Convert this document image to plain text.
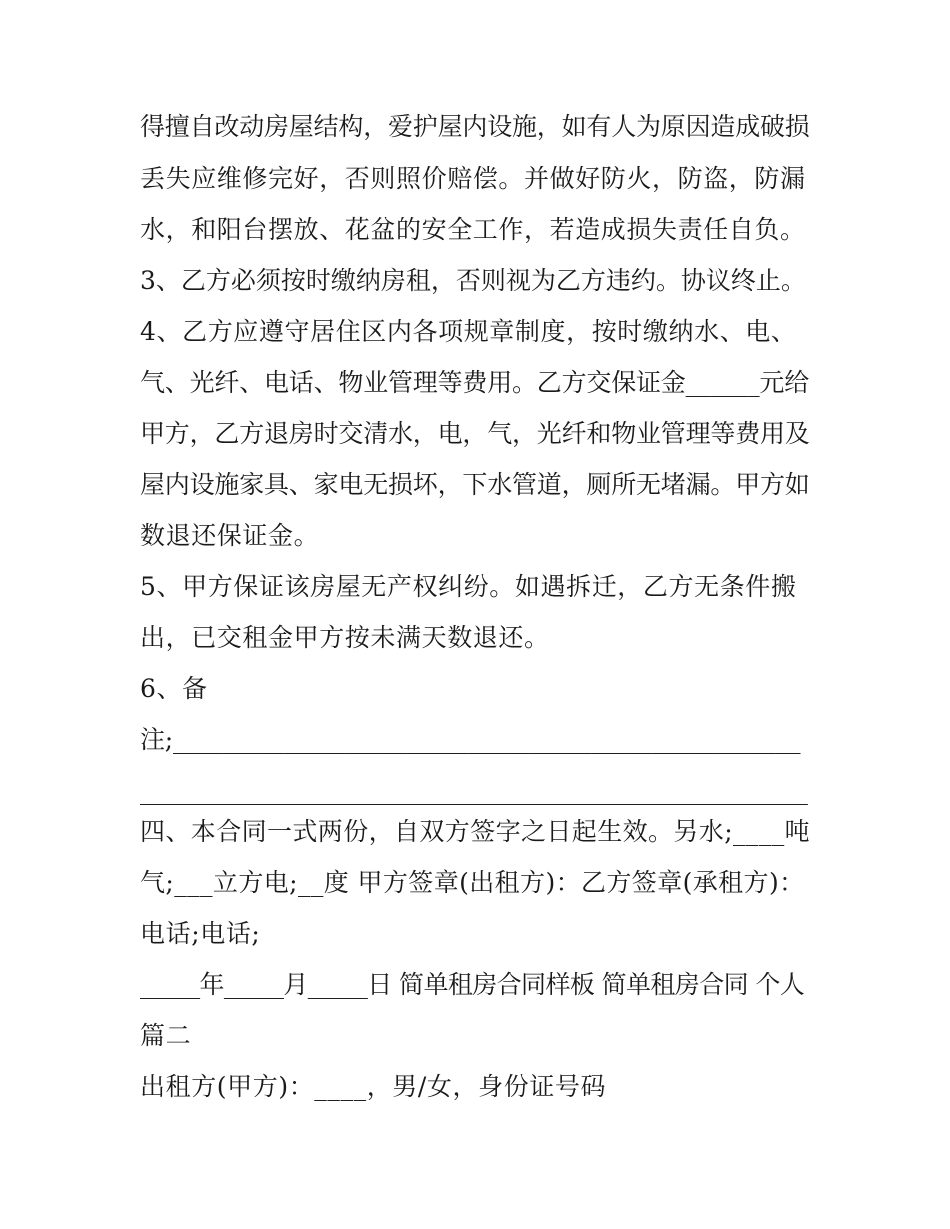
得擅自改动房屋结构，爱护屋内设施，如有人为原因造成破损
丢失应维修完好，否则照价赔偿。并做好防火，防盗，防漏
水，和阳台摆放、花盆的安全工作，若造成损失责任自负。
3、乙方必须按时缴纳房租，否则视为乙方违约。协议终止。
4、乙方应遵守居住区内各项规章制度，按时缴纳水、电、
气、光纤、电话、物业管理等费用。乙方交保证金______元给
甲方，乙方退房时交清水，电，气，光纤和物业管理等费用及
屋内设施家具、家电无损坏，下水管道，厕所无堵漏。甲方如
数退还保证金。
5、甲方保证该房屋无产权纠纷。如遇拆迁，乙方无条件搬
出，已交租金甲方按未满天数退还。
6、备
注;___________________________________________________
___________________________________________________________
四、本合同一式两份，自双方签字之日起生效。另水;____吨
气;___立方电;__度 甲方签章(出租方)：乙方签章(承租方)：
电话;电话;
_____年_____月_____日 简单租房合同样板 简单租房合同 个人
篇二
出租方(甲方)：____，男/女，身份证号码
